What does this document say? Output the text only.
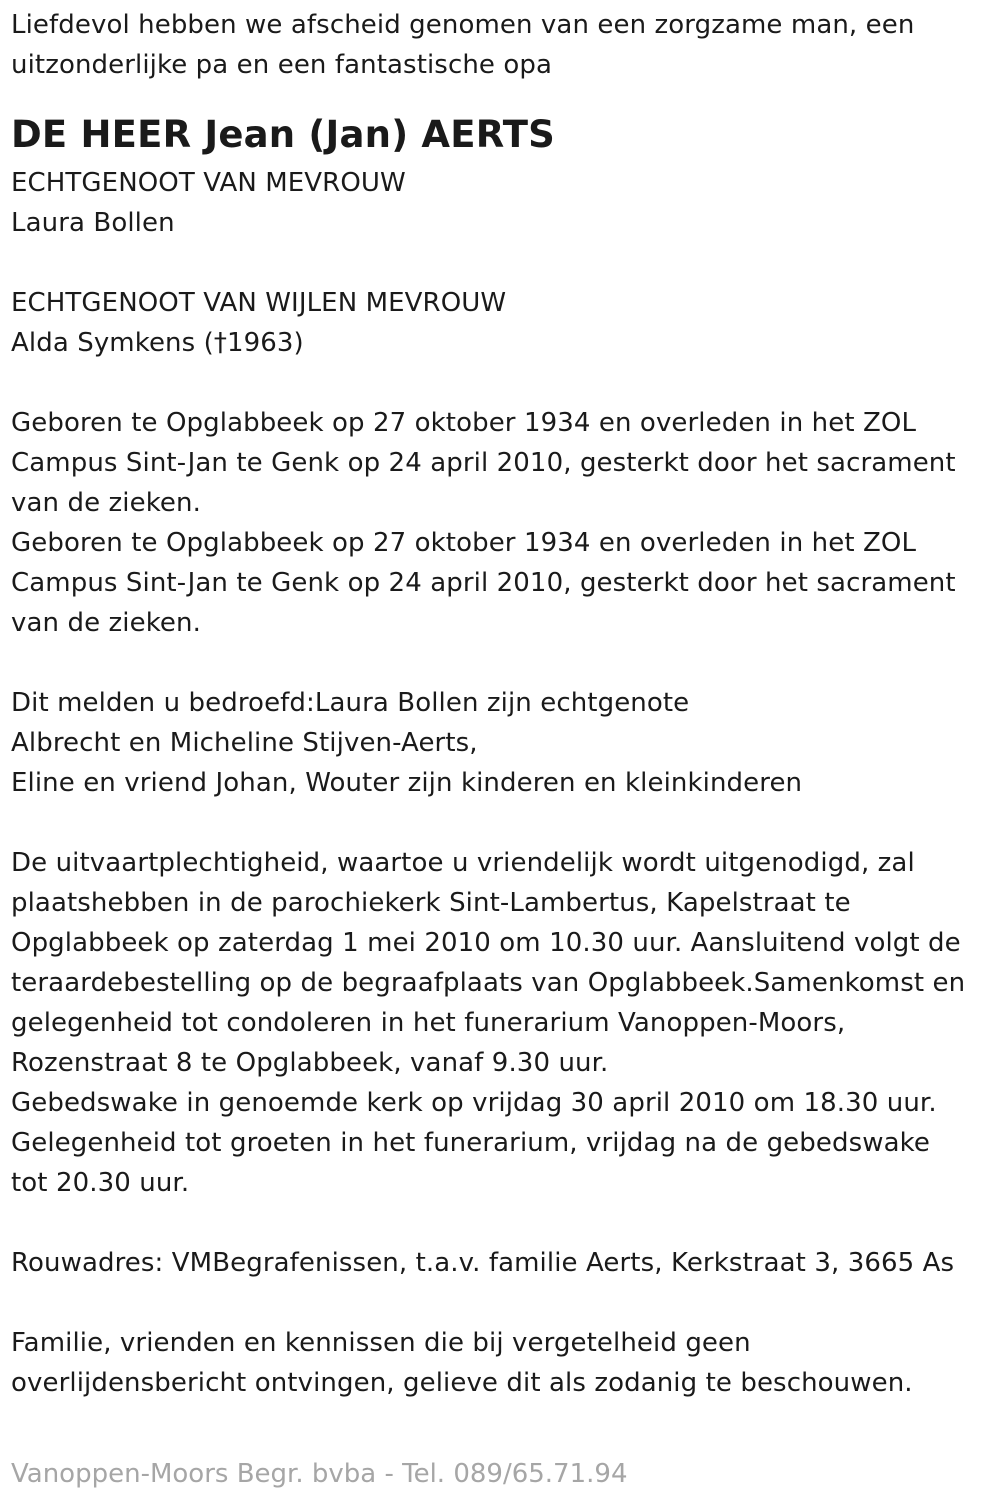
Liefdevol hebben we afscheid genomen van een zorgzame man, een
uitzonderlijke pa en een fantastische opa
DE HEER Jean (Jan) AERTS
ECHTGENOOT VAN MEVROUW
Laura Bollen
ECHTGENOOT VAN WIJLEN MEVROUW
Alda Symkens (†1963)
Geboren te Opglabbeek op 27 oktober 1934 en overleden in het ZOL
Campus Sint-Jan te Genk op 24 april 2010, gesterkt door het sacrament
van de zieken.
Geboren te Opglabbeek op 27 oktober 1934 en overleden in het ZOL
Campus Sint-Jan te Genk op 24 april 2010, gesterkt door het sacrament
van de zieken.
Dit melden u bedroefd:Laura Bollen zijn echtgenote
Albrecht en Micheline Stijven-Aerts,
Eline en vriend Johan, Wouter zijn kinderen en kleinkinderen
De uitvaartplechtigheid, waartoe u vriendelijk wordt uitgenodigd, zal
plaatshebben in de parochiekerk Sint-Lambertus, Kapelstraat te
Opglabbeek op zaterdag 1 mei 2010 om 10.30 uur. Aansluitend volgt de
teraardebestelling op de begraafplaats van Opglabbeek.Samenkomst en
gelegenheid tot condoleren in het funerarium Vanoppen-Moors,
Rozenstraat 8 te Opglabbeek, vanaf 9.30 uur.
Gebedswake in genoemde kerk op vrijdag 30 april 2010 om 18.30 uur.
Gelegenheid tot groeten in het funerarium, vrijdag na de gebedswake
tot 20.30 uur.
Rouwadres: VMBegrafenissen, t.a.v. familie Aerts, Kerkstraat 3, 3665 As
Familie, vrienden en kennissen die bij vergetelheid geen
overlijdensbericht ontvingen, gelieve dit als zodanig te beschouwen.
Vanoppen-Moors Begr. bvba - Tel. 089/65.71.94
